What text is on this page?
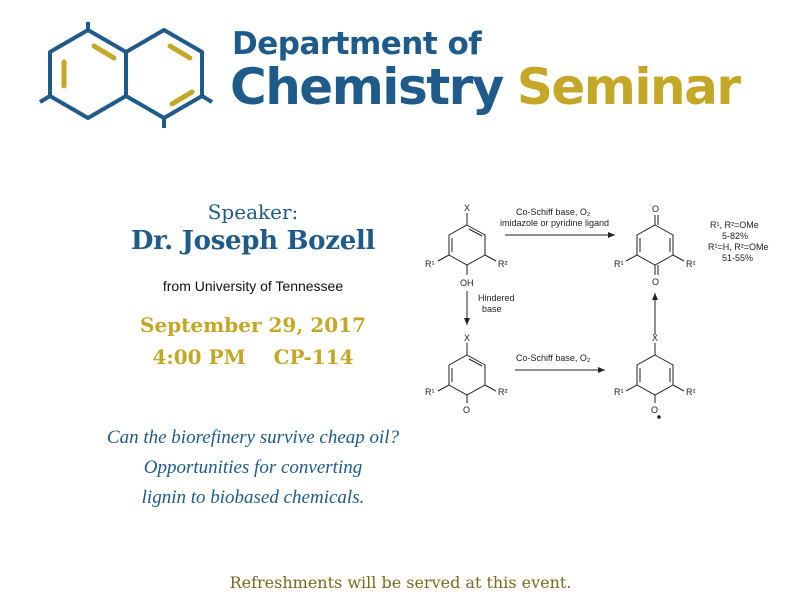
Department of
Chemistry Seminar
Speaker:
Dr. Joseph Bozell
from University of Tennessee
September 29, 2017
4:00 PM    CP-114
Can the biorefinery survive cheap oil?
Opportunities for converting
lignin to biobased chemicals.
X
R¹	R²
OH
Co-Schiff base, O₂
imidazole or pyridine ligand
O
O
R¹	R²
R¹, R²=OMe
5-82%
R¹=H, R²=OMe
51-55%
Hindered
base
X
R¹	R²
O
Co-Schiff base, O₂
X
R¹	R²
O
Refreshments will be served at this event.
